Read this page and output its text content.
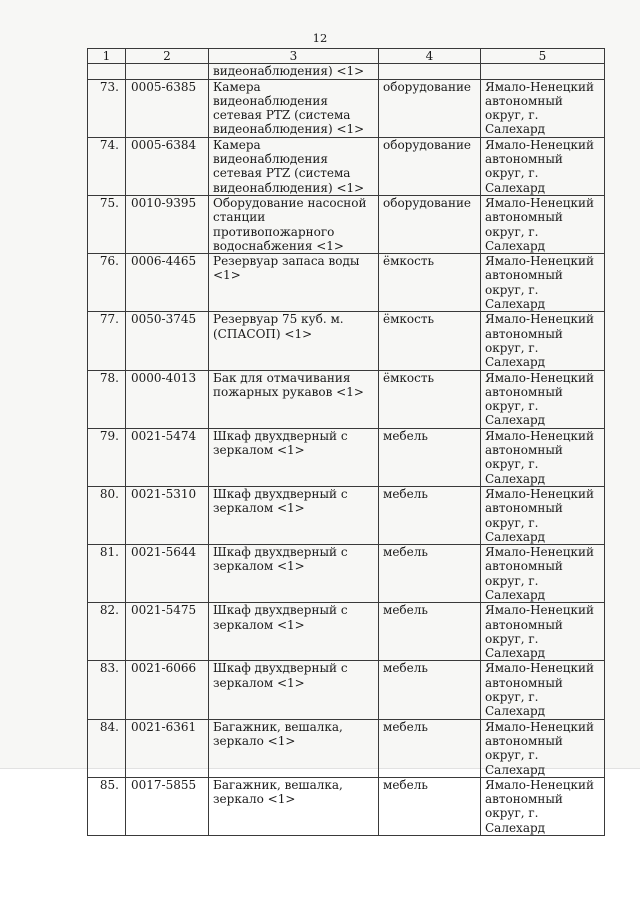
12
1	2	3	4	5
		видеонаблюдения) <1>		
73.	0005-6385	Камера
видеонаблюдения
сетевая PTZ (система
видеонаблюдения) <1>	оборудование	Ямало-Ненецкий
автономный
округ, г. Салехард
74.	0005-6384	Камера
видеонаблюдения
сетевая PTZ (система
видеонаблюдения) <1>	оборудование	Ямало-Ненецкий
автономный
округ, г. Салехард
75.	0010-9395	Оборудование насосной
станции
противопожарного
водоснабжения <1>	оборудование	Ямало-Ненецкий
автономный
округ, г. Салехард
76.	0006-4465	Резервуар запаса воды
<1>	ёмкость	Ямало-Ненецкий
автономный
округ, г. Салехард
77.	0050-3745	Резервуар 75 куб. м.
(СПАСОП) <1>	ёмкость	Ямало-Ненецкий
автономный
округ, г. Салехард
78.	0000-4013	Бак для отмачивания
пожарных рукавов <1>	ёмкость	Ямало-Ненецкий
автономный
округ, г. Салехард
79.	0021-5474	Шкаф двухдверный с
зеркалом <1>	мебель	Ямало-Ненецкий
автономный
округ, г. Салехард
80.	0021-5310	Шкаф двухдверный с
зеркалом <1>	мебель	Ямало-Ненецкий
автономный
округ, г. Салехард
81.	0021-5644	Шкаф двухдверный с
зеркалом <1>	мебель	Ямало-Ненецкий
автономный
округ, г. Салехард
82.	0021-5475	Шкаф двухдверный с
зеркалом <1>	мебель	Ямало-Ненецкий
автономный
округ, г. Салехард
83.	0021-6066	Шкаф двухдверный с
зеркалом <1>	мебель	Ямало-Ненецкий
автономный
округ, г. Салехард
84.	0021-6361	Багажник, вешалка,
зеркало <1>	мебель	Ямало-Ненецкий
автономный
округ, г. Салехард
85.	0017-5855	Багажник, вешалка,
зеркало <1>	мебель	Ямало-Ненецкий
автономный
округ, г. Салехард
